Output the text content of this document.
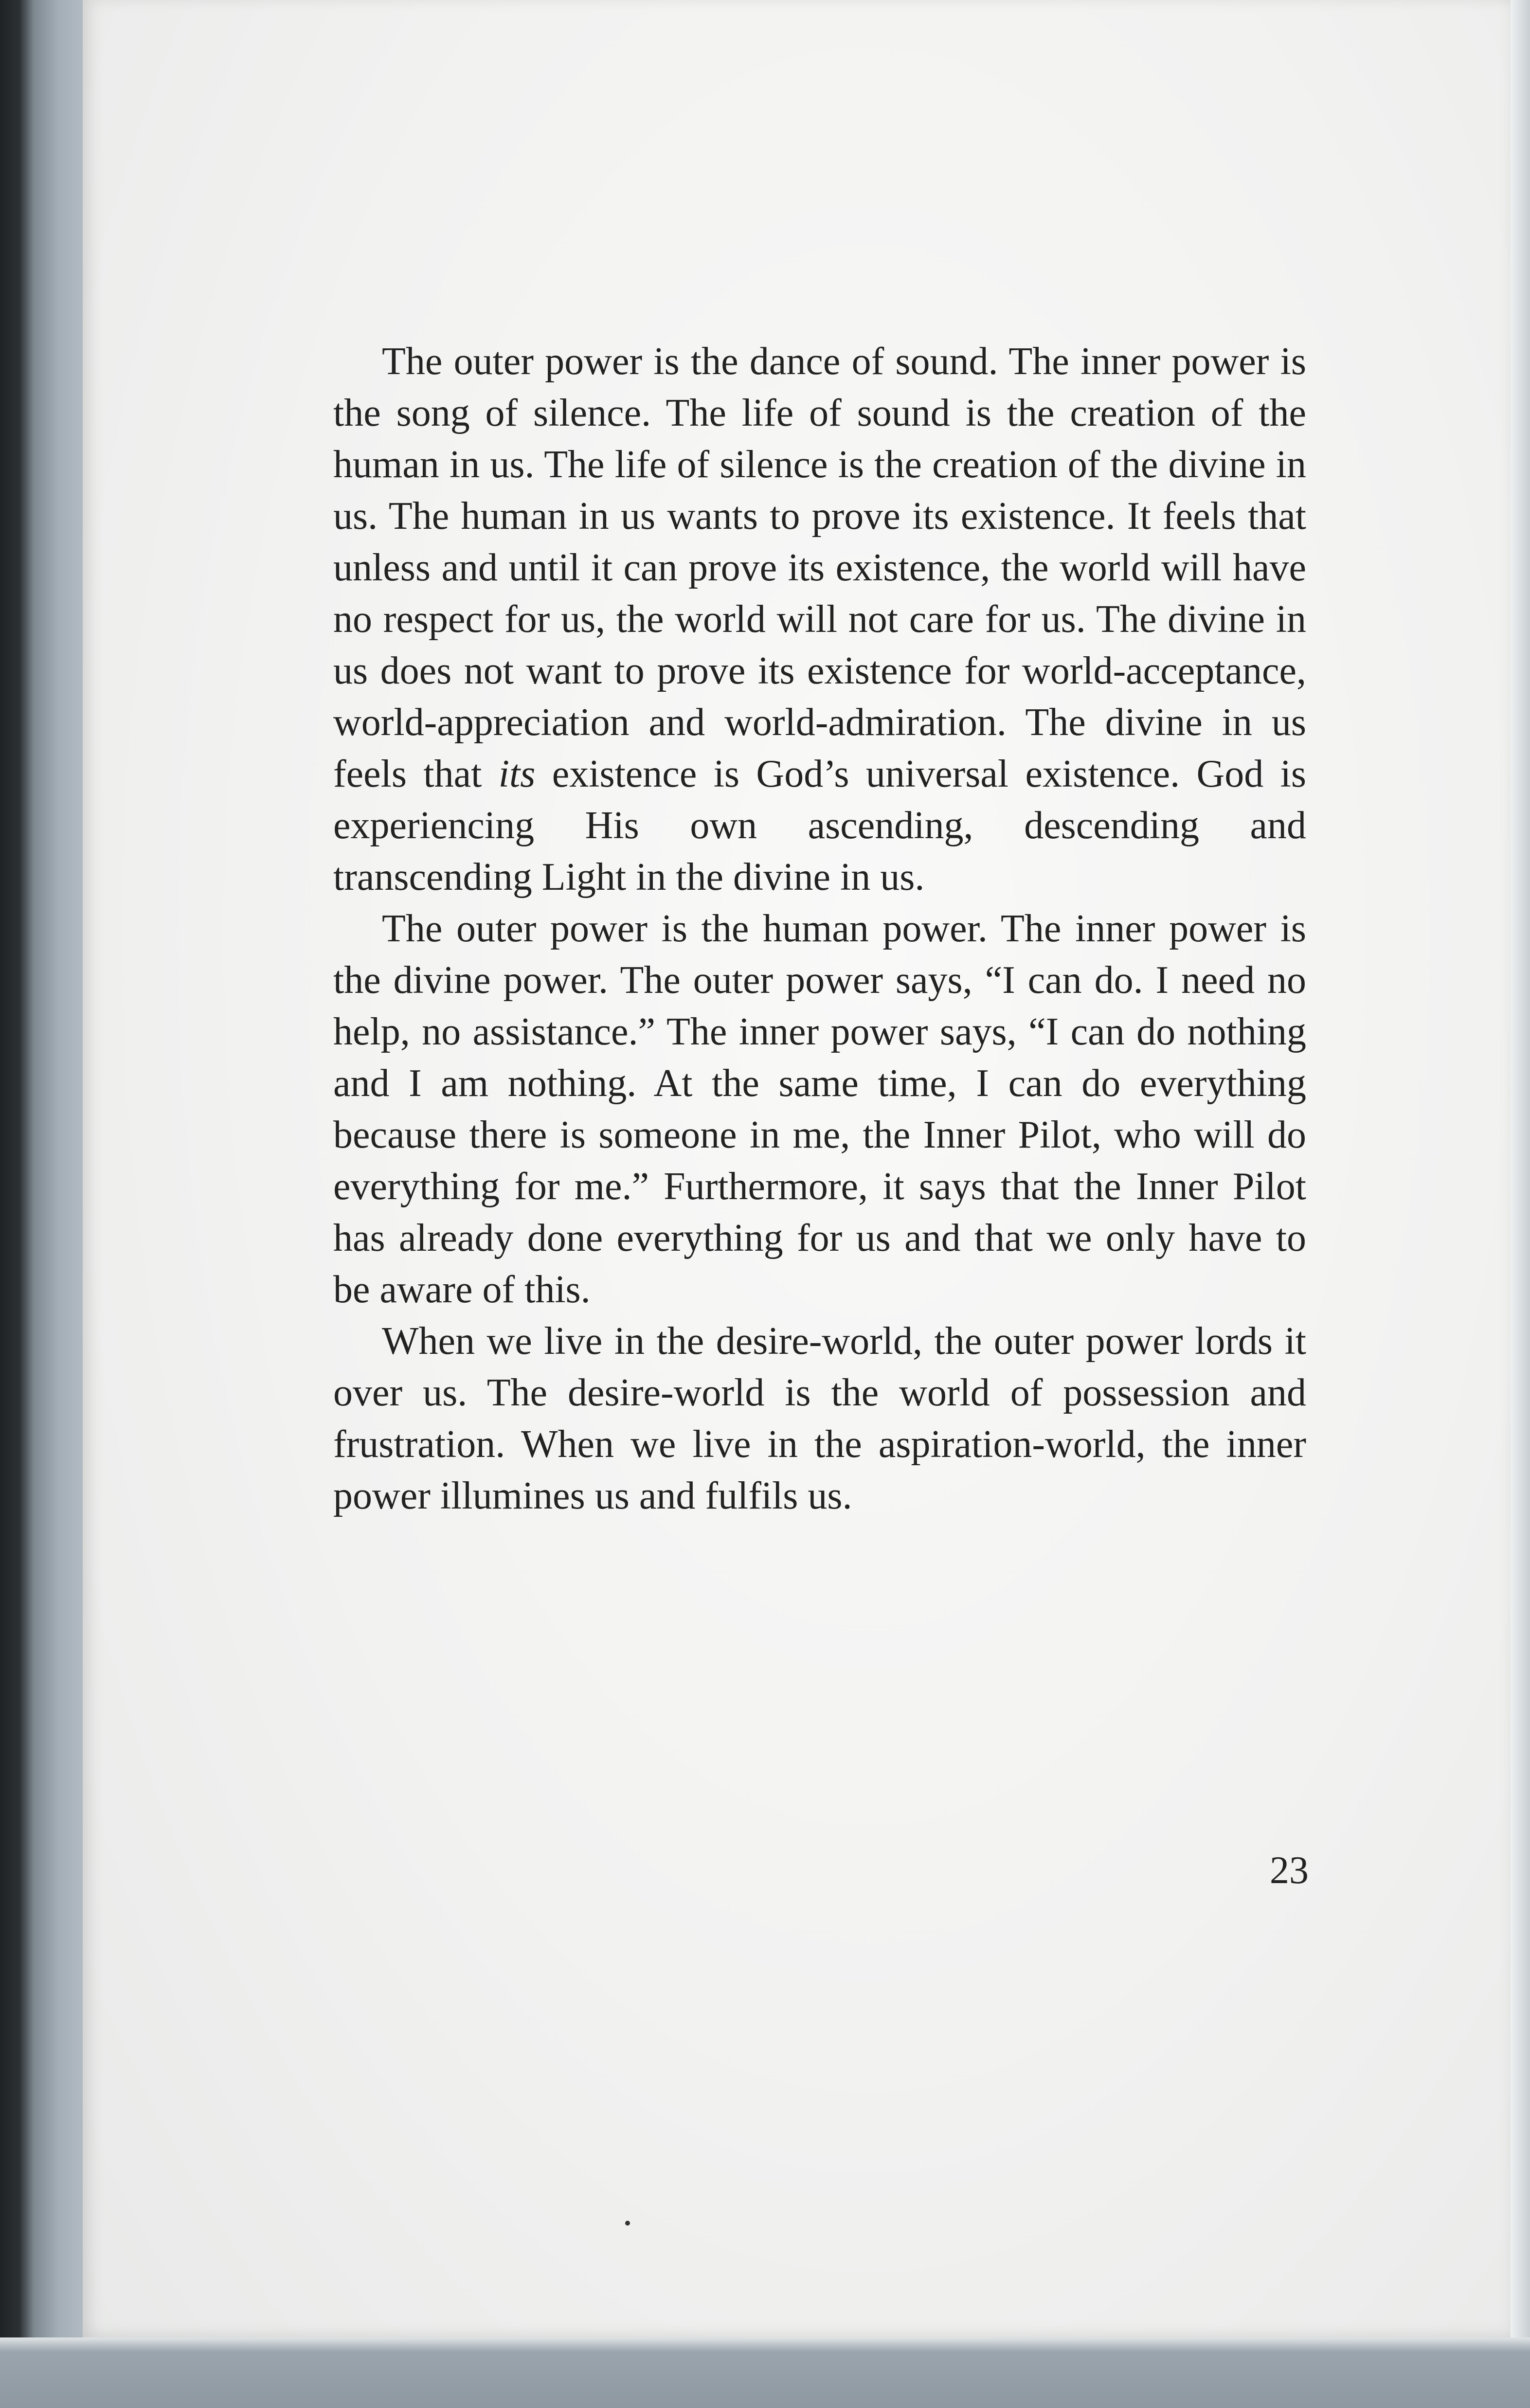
The outer power is the dance of sound. The inner power is the song of silence. The life of sound is the creation of the human in us. The life of silence is the creation of the divine in us. The human in us wants to prove its existence. It feels that unless and until it can prove its existence, the world will have no respect for us, the world will not care for us. The divine in us does not want to prove its existence for world-acceptance, world-appreciation and world-admiration. The divine in us feels that its existence is God’s universal existence. God is experiencing His own ascending, descending and transcending Light in the divine in us.

The outer power is the human power. The inner power is the divine power. The outer power says, “I can do. I need no help, no assistance.” The inner power says, “I can do nothing and I am nothing. At the same time, I can do everything because there is someone in me, the Inner Pilot, who will do everything for me.” Furthermore, it says that the Inner Pilot has already done everything for us and that we only have to be aware of this.

When we live in the desire-world, the outer power lords it over us. The desire-world is the world of possession and frustration. When we live in the aspiration-world, the inner power illumines us and fulfils us.

23
